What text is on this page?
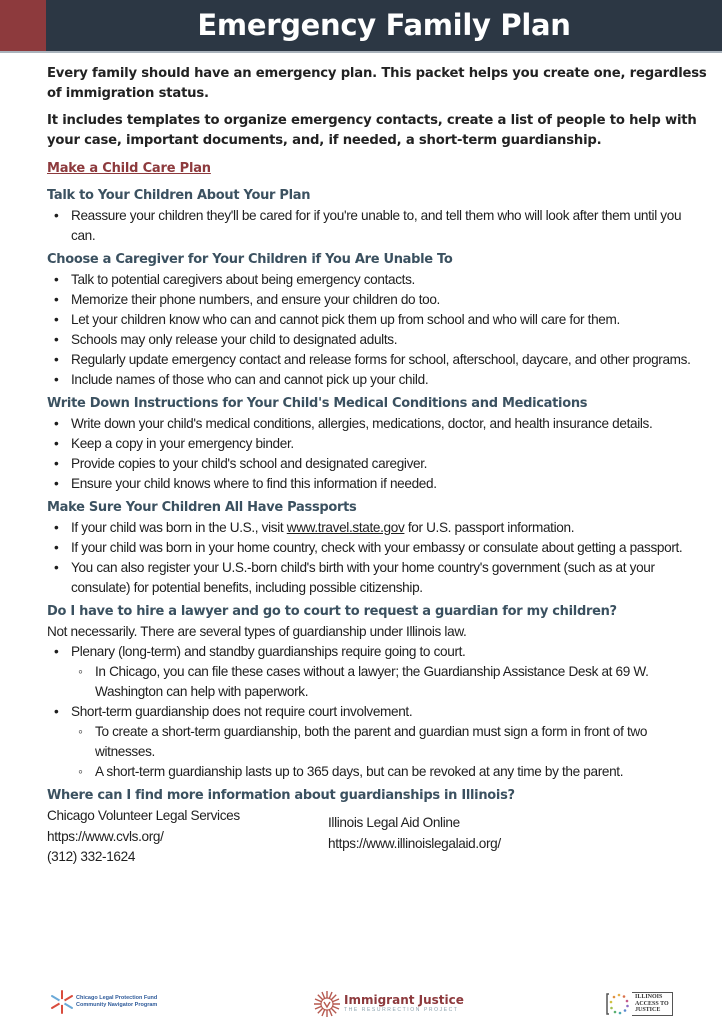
Emergency Family Plan

Every family should have an emergency plan. This packet helps you create one, regardless of immigration status.

It includes templates to organize emergency contacts, create a list of people to help with your case, important documents, and, if needed, a short-term guardianship.

Make a Child Care Plan
Talk to Your Children About Your Plan
• Reassure your children they'll be cared for if you're unable to, and tell them who will look after them until you can.
Choose a Caregiver for Your Children if You Are Unable To
• Talk to potential caregivers about being emergency contacts.
• Memorize their phone numbers, and ensure your children do too.
• Let your children know who can and cannot pick them up from school and who will care for them.
• Schools may only release your child to designated adults.
• Regularly update emergency contact and release forms for school, afterschool, daycare, and other programs.
• Include names of those who can and cannot pick up your child.
Write Down Instructions for Your Child's Medical Conditions and Medications
• Write down your child's medical conditions, allergies, medications, doctor, and health insurance details.
• Keep a copy in your emergency binder.
• Provide copies to your child's school and designated caregiver.
• Ensure your child knows where to find this information if needed.
Make Sure Your Children All Have Passports
• If your child was born in the U.S., visit www.travel.state.gov for U.S. passport information.
• If your child was born in your home country, check with your embassy or consulate about getting a passport.
• You can also register your U.S.-born child's birth with your home country's government (such as at your consulate) for potential benefits, including possible citizenship.
Do I have to hire a lawyer and go to court to request a guardian for my children?
Not necessarily. There are several types of guardianship under Illinois law.
• Plenary (long-term) and standby guardianships require going to court.
◦ In Chicago, you can file these cases without a lawyer; the Guardianship Assistance Desk at 69 W. Washington can help with paperwork.
• Short-term guardianship does not require court involvement.
◦ To create a short-term guardianship, both the parent and guardian must sign a form in front of two witnesses.
◦ A short-term guardianship lasts up to 365 days, but can be revoked at any time by the parent.
Where can I find more information about guardianships in Illinois?
Chicago Volunteer Legal Services
https://www.cvls.org/
(312) 332-1624
Illinois Legal Aid Online
https://www.illinoislegalaid.org/
Chicago Legal Protection Fund
Community Navigator Program	Immigrant Justice
THE RESURRECTION PROJECT
ILLINOIS
ACCESS TO
JUSTICE
